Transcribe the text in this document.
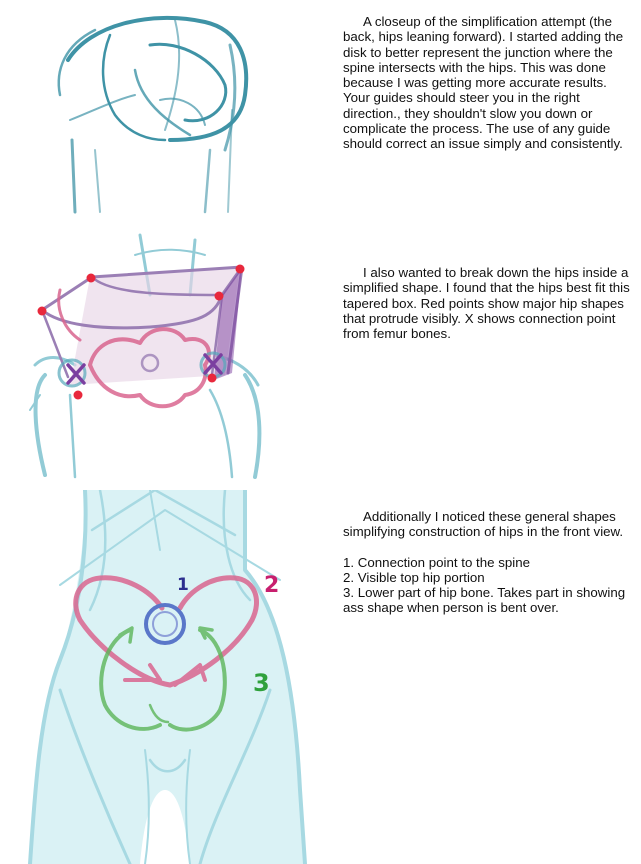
A closeup of the simplification attempt (the back, hips leaning forward). I started adding the disk to better represent the junction where the spine intersects with the hips. This was done because I was getting more accurate results. Your guides should steer you in the right direction., they shouldn't slow you down or complicate the process. The use of any guide should correct an issue simply and consistently.
I also wanted to break down the hips inside a simplified shape. I found that the hips best fit this tapered box. Red points show major hip shapes that protrude visibly. X shows connection point from femur bones.
1	2
3
Additionally I noticed these general shapes simplifying construction of hips in the front view.
1. Connection point to the spine
2. Visible top hip portion
3. Lower part of hip bone. Takes part in showing ass shape when person is bent over.
